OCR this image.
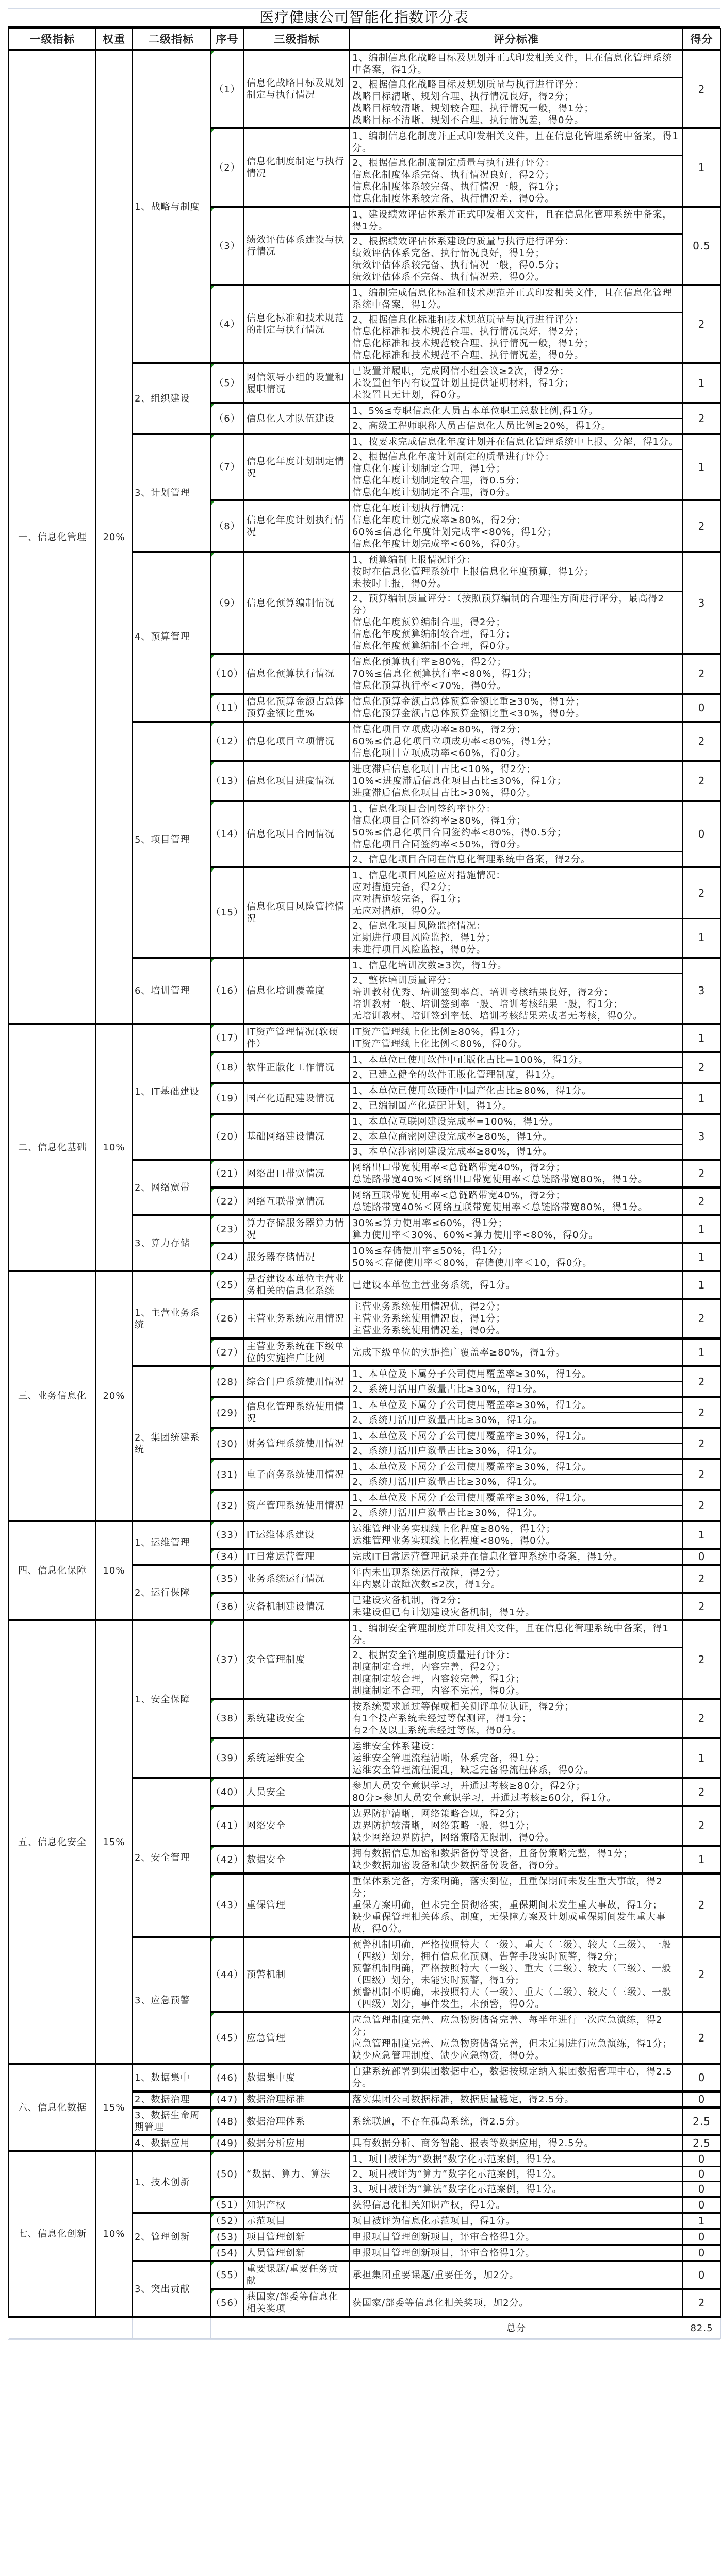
医疗健康公司智能化指数评分表
一级指标	权重	二级指标	序号	三级指标	评分标准	得分
一、信息化管理	20%	1、战略与制度	（1）	信息化战略目标及规划制定与执行情况	1、编制信息化战略目标及规划并正式印发相关文件，且在信息化管理系统中备案，得1分。	2
					2、根据信息化战略目标及规划质量与执行进行评分：
战略目标清晰、规划合理、执行情况良好，得2分；
战略目标较清晰、规划较合理、执行情况一般，得1分；
战略目标不清晰、规划不合理、执行情况差，得0分。	
			（2）	信息化制度制定与执行情况	1、编制信息化制度并正式印发相关文件，且在信息化管理系统中备案，得1分。	1
					2、根据信息化制度制定质量与执行进行评分：
信息化制度体系完备、执行情况良好，得2分；
信息化制度体系较完备、执行情况一般，得1分；
信息化制度体系较完备、执行情况差，得0分。	
			（3）	绩效评估体系建设与执行情况	1、建设绩效评估体系并正式印发相关文件，且在信息化管理系统中备案，得1分。	0.5
					2、根据绩效评估体系建设的质量与执行进行评分：
绩效评估体系完备、执行情况良好，得1分；
绩效评估体系较完备、执行情况一般，得0.5分；
绩效评估体系不完备、执行情况差，得0分。	
			（4）	信息化标准和技术规范的制定与执行情况	1、编制完成信息化标准和技术规范并正式印发相关文件，且在信息化管理系统中备案，得1分。	2
					2、根据信息化标准和技术规范质量与执行进行评分：
信息化标准和技术规范合理、执行情况良好，得2分；
信息化标准和技术规范较合理、执行情况一般，得1分；
信息化标准和技术规范不合理、执行情况差，得0分。	
		2、组织建设	（5）	网信领导小组的设置和履职情况	已设置并履职，完成网信小组会议≥2次，得2分；
未设置但年内有设置计划且提供证明材料，得1分；
未设置且无计划，得0分。	1
			（6）	信息化人才队伍建设	1、5%≤专职信息化人员占本单位职工总数比例,得1分。	2
					2、高级工程师职称人员占信息化人员比例≥20%，得1分。	
		3、计划管理	（7）	信息化年度计划制定情况	1、按要求完成信息化年度计划并在信息化管理系统中上报、分解，得1分。	1
					2、根据信息化年度计划制定的质量进行评分：
信息化年度计划制定合理，得1分；
信息化年度计划制定较合理，得0.5分；
信息化年度计划制定不合理，得0分。	
			（8）	信息化年度计划执行情况	信息化年度计划执行情况：
信息化年度计划完成率≥80%，得2分；
60%≤信息化年度计划完成率<80%，得1分；
信息化年度计划完成率<60%，得0分。	2
		4、预算管理	（9）	信息化预算编制情况	1、预算编制上报情况评分：
按时在信息化管理系统中上报信息化年度预算，得1分；
未按时上报，得0分。	3
					2、预算编制质量评分：（按照预算编制的合理性方面进行评分，最高得2分）
信息化年度预算编制合理，得2分；
信息化年度预算编制较合理，得1分；
信息化年度预算编制不合理，得0分。	
			（10）	信息化预算执行情况	信息化预算执行率≥80%，得2分；
70%≤信息化预算执行率<80%，得1分；
信息化预算执行率<70%，得0分。	2
			（11）	信息化预算金额占总体预算金额比重%	信息化预算金额占总体预算金额比重≥30%，得1分；
信息化预算金额占总体预算金额比重<30%，得0分。	0
		5、项目管理	（12）	信息化项目立项情况	信息化项目立项成功率≥80%，得2分；
60%≤信息化项目立项成功率<80%，得1分；
信息化项目立项成功率<60%，得0分。	2
			（13）	信息化项目进度情况	进度滞后信息化项目占比<10%，得2分；
10%<进度滞后信息化项目占比≤30%，得1分；
进度滞后信息化项目占比>30%，得0分。	2
			（14）	信息化项目合同情况	1、信息化项目合同签约率评分：
信息化项目合同签约率≥80%，得1分；
50%≤信息化项目合同签约率<80%，得0.5分；
信息化项目合同签约率<50%，得0分。	0
					2、信息化项目合同在信息化管理系统中备案，得2分。	
			（15）	信息化项目风险管控情况	1、信息化项目风险应对措施情况：
应对措施完备，得2分；
应对措施较完备，得1分；
无应对措施，得0分。	2
					2、信息化项目风险监控情况：
定期进行项目风险监控，得1分；
未进行项目风险监控，得0分。	1
		6、培训管理	（16）	信息化培训覆盖度	1、信息化培训次数≥3次，得1分。	3
					2、整体培训质量评分：
培训教材优秀、培训签到率高、培训考核结果良好，得2分；
培训教材一般、培训签到率一般、培训考核结果一般，得1分；
无培训教材、培训签到率低、培训考核结果差或者无考核，得0分。	
二、信息化基础	10%	1、IT基础建设	（17）	IT资产管理情况(软硬件）	IT资产管理线上化比例≥80%，得1分；
IT资产管理线上化比例＜80%，得0分。	1
			（18）	软件正版化工作情况	1、本单位已使用软件中正版化占比=100%，得1分。	2
					2、已建立健全的软件正版化管理制度，得1分。	
			（19）	国产化适配建设情况	1、本单位已使用软硬件中国产化占比≥80%，得1分。	1
					2、已编制国产化适配计划，得1分。	
			（20）	基础网络建设情况	1、本单位互联网建设完成率=100%，得1分。	3
					2、本单位商密网建设完成率≥80%，得1分。	
					3、本单位涉密网建设完成率≥80%，得1分。	
		2、网络宽带	（21）	网络出口带宽情况	网络出口带宽使用率<总链路带宽40%，得2分；
总链路带宽40%＜网络出口带宽使用率＜总链路带宽80%，得1分。	2
			（22）	网络互联带宽情况	网络互联带宽使用率<总链路带宽40%，得2分；
总链路带宽40%＜网络互联带宽使用率＜总链路带宽80%，得1分。	2
		3、算力存储	（23）	算力存储服务器算力情况	30%≤算力使用率≤60%，得1分；
算力使用率＜30%、60%<算力使用率<80%，得0分。	1
			（24）	服务器存储情况	10%≤存储使用率≤50%，得1分；
50%＜存储使用率＜80%，存储使用率＜10，得0分。	1
三、业务信息化	20%	1、主营业务系统	（25）	是否建设本单位主营业务相关的信息化系统	已建设本单位主营业务系统，得1分。	1
			（26）	主营业务系统应用情况	主营业务系统使用情况优，得2分；
主营业务系统使用情况良，得1分；
主营业务系统使用情况差，得0分。	2
			（27）	主营业务系统在下级单位的实施推广比例	完成下级单位的实施推广覆盖率≥80%，得1分。	1
		2、集团统建系统	(28)	综合门户系统使用情况	1、本单位及下属分子公司使用覆盖率≥30%，得1分。	2
					2、系统月活用户数量占比≥30%，得1分。	
			(29)	信息化管理系统使用情况	1、本单位及下属分子公司使用覆盖率≥30%，得1分。	2
					2、系统月活用户数量占比≥30%，得1分。	
			(30)	财务管理系统使用情况	1、本单位及下属分子公司使用覆盖率≥30%，得1分。	2
					2、系统月活用户数量占比≥30%，得1分。	
			(31)	电子商务系统使用情况	1、本单位及下属分子公司使用覆盖率≥30%，得1分。	2
					2、系统月活用户数量占比≥30%，得1分。	
			(32)	资产管理系统使用情况	1、本单位及下属分子公司使用覆盖率≥30%，得1分。	2
					2、系统月活用户数量占比≥30%，得1分。	
四、信息化保障	10%	1、运维管理	（33）	IT运维体系建设	运维管理业务实现线上化程度≥80%，得1分；
运维管理业务实现线上化程度<80%，得0分。	1
			（34）	IT日常运营管理	完成IT日常运营管理记录并在信息化管理系统中备案，得1分。	0
		2、运行保障	（35）	业务系统运行情况	年内未出现系统运行故障，得2分；
年内累计故障次数≤2次，得1分。	2
			（36）	灾备机制建设情况	已建设灾备机制，得2分；
未建设但已有计划建设灾备机制，得1分。	2
五、信息化安全	15%	1、安全保障	（37）	安全管理制度	1、编制安全管理制度并印发相关文件，且在信息化管理系统中备案，得1分。	2
					2、根据安全管理制度质量进行评分：
制度制定合理，内容完善，得2分；
制度制定较合理，内容较完善，得1分；
制度制定不合理，内容不完善，得0分。	
			（38）	系统建设安全	按系统要求通过等保或相关测评单位认证，得2分；
有1个投产系统未经过等保测评，得1分；
有2个及以上系统未经过等保，得0分。	2
			（39）	系统运维安全	运维安全体系建设：
运维安全管理流程清晰，体系完备，得1分；
运维安全管理流程混乱，缺乏完备得流程体系，得0分。	1
		2、安全管理	（40）	人员安全	参加人员安全意识学习，并通过考核≥80分，得2分；
80分>参加人员安全意识学习，并通过考核≥60分，得1分。	2
			（41）	网络安全	边界防护清晰，网络策略合规，得2分；
边界防护较清晰，网络策略一般，得1分；
缺少网络边界防护，网络策略无限制，得0分。	2
			（42）	数据安全	拥有数据信息加密和数据备份等设备，且备份策略完整，得1分；
缺少数据加密设备和缺少数据备份设备，得0分。	1
			（43）	重保管理	重保体系完备，方案明确，落实到位，且重保期间未发生重大事故，得2分；
重保方案明确，但未完全贯彻落实，重保期间未发生重大事故，得1分；
缺少重保管理相关体系、制度，无保障方案及计划或重保期间发生重大事故，得0分。	2
		3、应急预警	（44）	预警机制	预警机制明确，严格按照特大（一级）、重大（二级）、较大（三级）、一般（四级）划分，拥有信息化预测、告警手段实时预警，得2分；
预警机制明确，严格按照特大（一级）、重大（二级）、较大（三级）、一般（四级）划分，未能实时预警，得1分;
预警机制不明确，未按照特大（一级）、重大（二级）、较大（三级）、一般（四级）划分，事件发生，未预警，得0分。	2
			（45）	应急管理	应急管理制度完善、应急物资储备完善、每半年进行一次应急演练，得2分；
应急管理制度完善、应急物资储备完善，但未定期进行应急演练，得1分；
缺少应急管理制度、缺少应急物资，得0分。	2
六、信息化数据	15%	1、数据集中	(46)	数据集中度	自建系统部署到集团数据中心，数据按规定纳入集团数据管理中心，得2.5分。	0
		2、数据治理	(47)	数据治理标准	落实集团公司数据标准，数据质量稳定，得2.5分。	0
		3、数据生命周期管理	(48)	数据治理体系	系统联通，不存在孤岛系统，得2.5分。	2.5
		4、数据应用	(49)	数据分析应用	具有数据分析、商务智能、报表等数据应用，得2.5分。	2.5
七、信息化创新	10%	1、技术创新	(50)	“数据、算力、算法	1、项目被评为“数据”数字化示范案例，得1分。	0
					2、项目被评为“算力”数字化示范案例，得1分。	0
					3、项目被评为“算法”数字化示范案例，得1分。	0
			（51）	知识产权	获得信息化相关知识产权，得1分。	0
		2、管理创新	（52）	示范项目	项目被评为信息化示范项目，得1分。	1
			(53)	项目管理创新	申报项目管理创新项目，评审合格得1分。	0
			(54)	人员管理创新	申报项目管理创新项目，评审合格得1分。	0
		3、突出贡献	（55）	重要课题/重要任务贡献	承担集团重要课题/重要任务，加2分。	0
			（56）	获国家/部委等信息化相关奖项	获国家/部委等信息化相关奖项，加2分。	2
					总分	82.5
